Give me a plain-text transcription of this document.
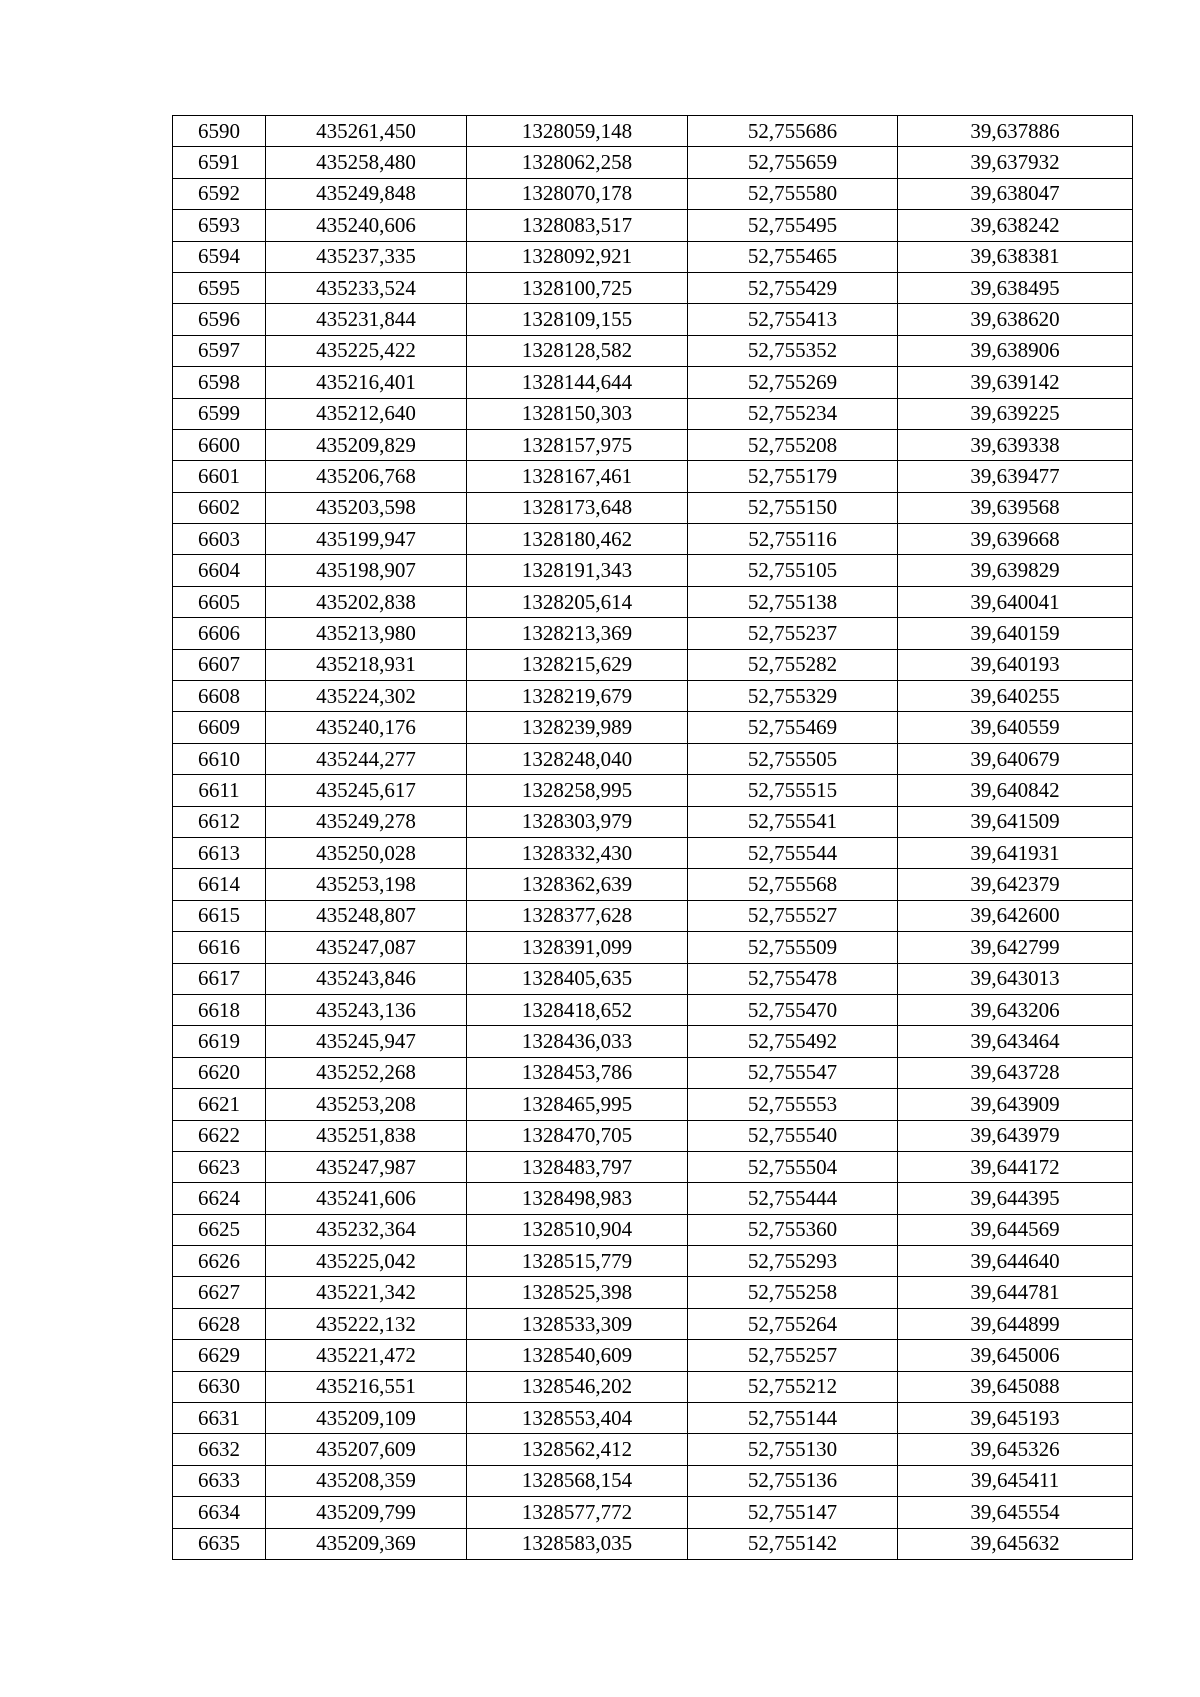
6590	435261,450	1328059,148	52,755686	39,637886
6591	435258,480	1328062,258	52,755659	39,637932
6592	435249,848	1328070,178	52,755580	39,638047
6593	435240,606	1328083,517	52,755495	39,638242
6594	435237,335	1328092,921	52,755465	39,638381
6595	435233,524	1328100,725	52,755429	39,638495
6596	435231,844	1328109,155	52,755413	39,638620
6597	435225,422	1328128,582	52,755352	39,638906
6598	435216,401	1328144,644	52,755269	39,639142
6599	435212,640	1328150,303	52,755234	39,639225
6600	435209,829	1328157,975	52,755208	39,639338
6601	435206,768	1328167,461	52,755179	39,639477
6602	435203,598	1328173,648	52,755150	39,639568
6603	435199,947	1328180,462	52,755116	39,639668
6604	435198,907	1328191,343	52,755105	39,639829
6605	435202,838	1328205,614	52,755138	39,640041
6606	435213,980	1328213,369	52,755237	39,640159
6607	435218,931	1328215,629	52,755282	39,640193
6608	435224,302	1328219,679	52,755329	39,640255
6609	435240,176	1328239,989	52,755469	39,640559
6610	435244,277	1328248,040	52,755505	39,640679
6611	435245,617	1328258,995	52,755515	39,640842
6612	435249,278	1328303,979	52,755541	39,641509
6613	435250,028	1328332,430	52,755544	39,641931
6614	435253,198	1328362,639	52,755568	39,642379
6615	435248,807	1328377,628	52,755527	39,642600
6616	435247,087	1328391,099	52,755509	39,642799
6617	435243,846	1328405,635	52,755478	39,643013
6618	435243,136	1328418,652	52,755470	39,643206
6619	435245,947	1328436,033	52,755492	39,643464
6620	435252,268	1328453,786	52,755547	39,643728
6621	435253,208	1328465,995	52,755553	39,643909
6622	435251,838	1328470,705	52,755540	39,643979
6623	435247,987	1328483,797	52,755504	39,644172
6624	435241,606	1328498,983	52,755444	39,644395
6625	435232,364	1328510,904	52,755360	39,644569
6626	435225,042	1328515,779	52,755293	39,644640
6627	435221,342	1328525,398	52,755258	39,644781
6628	435222,132	1328533,309	52,755264	39,644899
6629	435221,472	1328540,609	52,755257	39,645006
6630	435216,551	1328546,202	52,755212	39,645088
6631	435209,109	1328553,404	52,755144	39,645193
6632	435207,609	1328562,412	52,755130	39,645326
6633	435208,359	1328568,154	52,755136	39,645411
6634	435209,799	1328577,772	52,755147	39,645554
6635	435209,369	1328583,035	52,755142	39,645632
